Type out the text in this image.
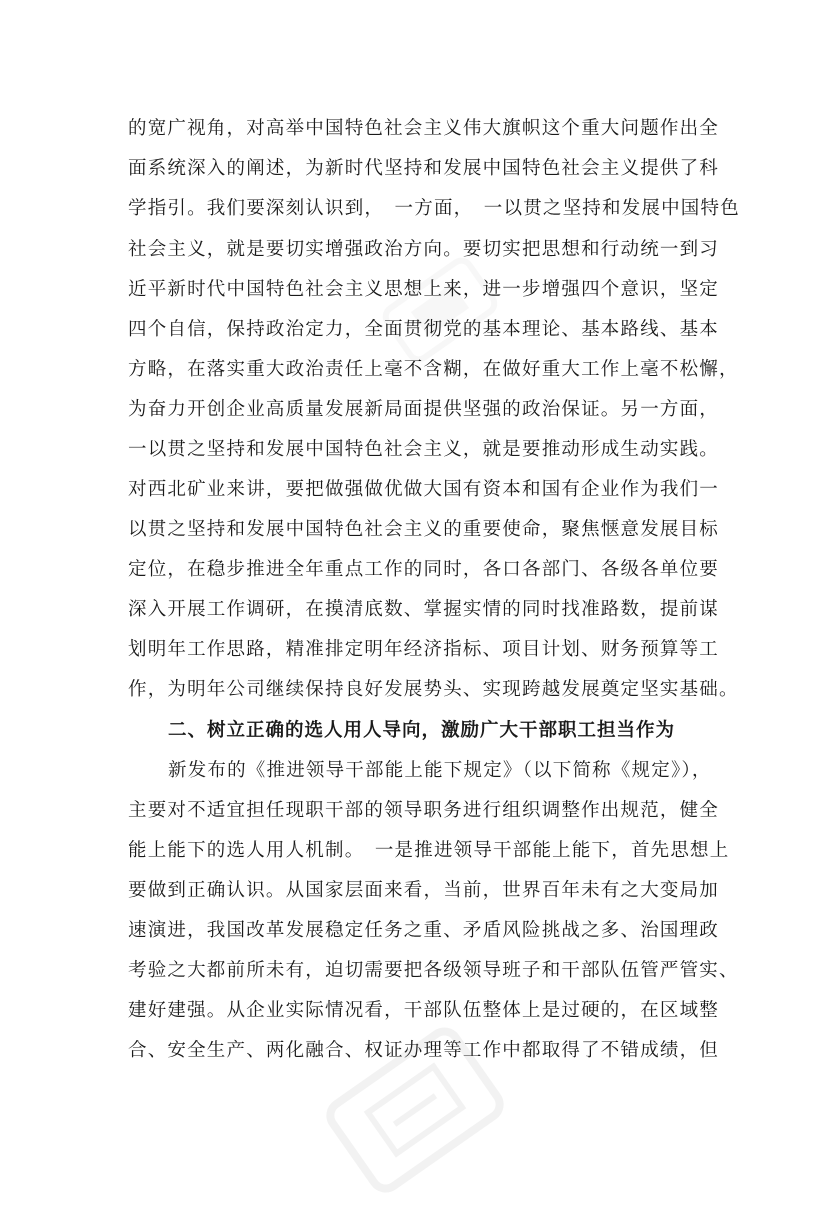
的宽广视角，对高举中国特色社会主义伟大旗帜这个重大问题作出全
面系统深入的阐述，为新时代坚持和发展中国特色社会主义提供了科
学指引。我们要深刻认识到，　一方面，　一以贯之坚持和发展中国特色
社会主义，就是要切实增强政治方向。要切实把思想和行动统一到习
近平新时代中国特色社会主义思想上来，进一步增强四个意识，坚定
四个自信，保持政治定力，全面贯彻党的基本理论、基本路线、基本
方略，在落实重大政治责任上毫不含糊，在做好重大工作上毫不松懈，
为奋力开创企业高质量发展新局面提供坚强的政治保证。另一方面，
一以贯之坚持和发展中国特色社会主义，就是要推动形成生动实践。
对西北矿业来讲，要把做强做优做大国有资本和国有企业作为我们一
以贯之坚持和发展中国特色社会主义的重要使命，聚焦惬意发展目标
定位，在稳步推进全年重点工作的同时，各口各部门、各级各单位要
深入开展工作调研，在摸清底数、掌握实情的同时找准路数，提前谋
划明年工作思路，精准排定明年经济指标、项目计划、财务预算等工
作，为明年公司继续保持良好发展势头、实现跨越发展奠定坚实基础。
二、树立正确的选人用人导向，激励广大干部职工担当作为
新发布的《推进领导干部能上能下规定》（以下简称《规定》），
主要对不适宜担任现职干部的领导职务进行组织调整作出规范，健全
能上能下的选人用人机制。　一是推进领导干部能上能下，首先思想上
要做到正确认识。从国家层面来看，当前，世界百年未有之大变局加
速演进，我国改革发展稳定任务之重、矛盾风险挑战之多、治国理政
考验之大都前所未有，迫切需要把各级领导班子和干部队伍管严管实、
建好建强。从企业实际情况看，干部队伍整体上是过硬的，在区域整
合、安全生产、两化融合、权证办理等工作中都取得了不错成绩，但
